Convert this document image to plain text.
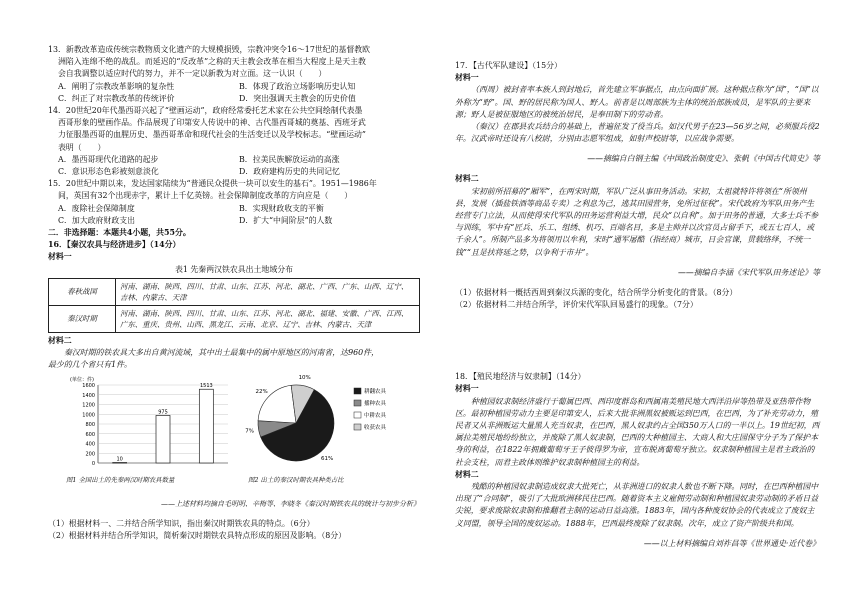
13．新教改革造成传统宗教物质文化遗产的大规模损毁，宗教冲突令16～17世纪的基督教欧

洲陷入连绵不绝的战乱。而延迟的“反改革”之称的天主教会改革在相当大程度上是天主教

会自我调整以适应时代的努力，并不一定以新教为对立面。这一认识（　　）

A．阐明了宗教改革影响的复杂性	B．体现了政治立场影响历史认知
C．纠正了对宗教改革的传统评价	D．突出强调天主教会的历史价值

14．20世纪20年代墨西哥兴起了“壁画运动”，政府经常委托艺术家在公共空间绘制代表墨

西哥形象的壁画作品。作品展现了印第安人传说中的神、古代墨西哥城的奠基、西班牙武

力征服墨西哥的血腥历史、墨西哥革命和现代社会的生活变迁以及学校标志。“壁画运动”

表明（　　）

A．墨西哥现代化道路的起步	B．拉美民族解放运动的高涨
C．意识形态色彩被刻意淡化	D．政府建构历史的共同记忆

15．20世纪中期以来，发达国家陆续为“普通民众提供一块可以安生的基石”。1951—1986年

间，英国有32个出现赤字，累计上千亿英镑。社会保障制度改革的方向应是（　　）

A．废除社会保障制度	B．实现财政收支的平衡
C．加大政府财政支出	D．扩大“中间阶层”的人数

二．非选择题：本题共4小题，共55分。

16．【秦汉农具与经济进步】（14分）

材料一

表1 先秦两汉铁农具出土地域分布

春秋战国	河南、湖南、陕西、四川、甘肃、山东、江苏、河北、湖北、广西、广东、山西、辽宁、吉林、内蒙古、天津
秦汉时期	河南、湖南、陕西、四川、甘肃、山东、江苏、河北、湖北、福建、安徽、广西、江西、广东、重庆、贵州、山西、黑龙江、云南、北京、辽宁、吉林、内蒙古、天津

材料二

秦汉时期的铁农具大多出自黄河流域，其中出土最集中的属中原地区的河南省，达960件，

最少的几个省只有1件。

(单位：件)
0
200
400
600
800
1000
1200
1400
1600
10
975
1513
61%
7%
22%
10%
耕翻农具
播种农具
中耕农具
收获农具
图1 全国出土的先秦两汉时期农具数量	图2 出土的秦汉时期农具种类占比

——上述材料均摘自毛明明、辛梅等、李晓冬《秦汉时期铁农具的统计与初步分析》

（1）根据材料一、二并结合所学知识，指出秦汉时期铁农具的特点。（6分）

（2）根据材料并结合所学知识，简析秦汉时期铁农具特点形成的原因及影响。（8分）

17．【古代军队建设】（15分）

材料一

（西周）被封者率本族人到封地后，首先建立军事据点，由点向面扩展。这种据点称为“国”，“国”以外称为“野”。国、野的居民称为国人、野人。前者是以周部族为主体的统治部族成员，是军队的主要来源；野人是被征服地区的被统治居民，是奉田制下的劳动者。

（秦汉）在郡县农兵结合的基础上，普遍征发了役当兵。如汉代男子在23—56岁之间，必须服兵役2年。汉武帝时还设有八校尉，分别由志愿军组成，如射声校尉等，以应战争需要。

——摘编自白钢主编《中国政治制度史》、张帆《中国古代简史》等

材料二

宋初前所招募的“厢军”，在两宋时期，军队广泛从事田务活动。宋初，太祖就特许将领在“所领州县，发展（插盐铁酒等商品专卖）之利息为己，逃其田园营务，免所过征税”。宋代政府为军队田务产生经营专门立法，从而使得宋代军队的田务运营利益大增，民众“以自利”。加于田务的普通，大多士兵不参与训练，军中有“匠兵、乐工、组绣、机巧、百端名目，多是主帅并以次官员占留手下，或五七百人，或千余人”。所制产品多为将领用以牟利，宋时“通军屠酷（指经商）城市，日会官课，贯载络绎，不统一钱”“且是扶将延之势，以争利于市井”。

——摘编自李涵《宋代军队田务述论》等

（1）依据材料一概括西周到秦汉兵源的变化，结合所学分析变化的背景。（8分）

（2）依据材料二并结合所学，评价宋代军队回易盛行的现象。（7分）

18．【殖民地经济与奴隶制】（14分）

材料一

种植园奴隶制经济盛行于葡属巴西、西印度群岛和西属南美殖民地大西洋沿岸等热带及亚热带作物区。最初种植园劳动力主要是印第安人，后来大批非洲黑奴被贩运到巴西，在巴西，为了补充劳动力，殖民者又从非洲贩运大量黑人充当奴隶，在巴西，黑人奴隶约占全国350万人口的一半以上。19世纪初，西属拉美殖民地纷纷独立，并废除了黑人奴隶制，巴西的大种植园主、大商人和大庄园保守分子为了保护本身的利益，在1822年拥戴葡萄牙王子彼得罗为帝，宣布脱离葡萄牙独立。奴隶制种植园主是君主政治的社会支柱，而君主政体则维护奴隶制种植园主的利益。

材料二

残酷的种植园奴隶制造成奴隶大批死亡，从非洲进口的奴隶人数也不断下降。同时，在巴西种植园中出现了“合同制”，吸引了大批欧洲移民往巴西。随着资本主义雇佣劳动制和种植园奴隶劳动制的矛盾日益尖锐，要求废除奴隶制和推翻君主制的运动日益高涨。1883年，国内各种废奴协会的代表成立了废奴主义同盟，领导全国的废奴运动。1888年，巴西最终废除了奴隶制。次年，成立了资产阶级共和国。

——以上材料摘编自刘祚昌等《世界通史·近代卷》
